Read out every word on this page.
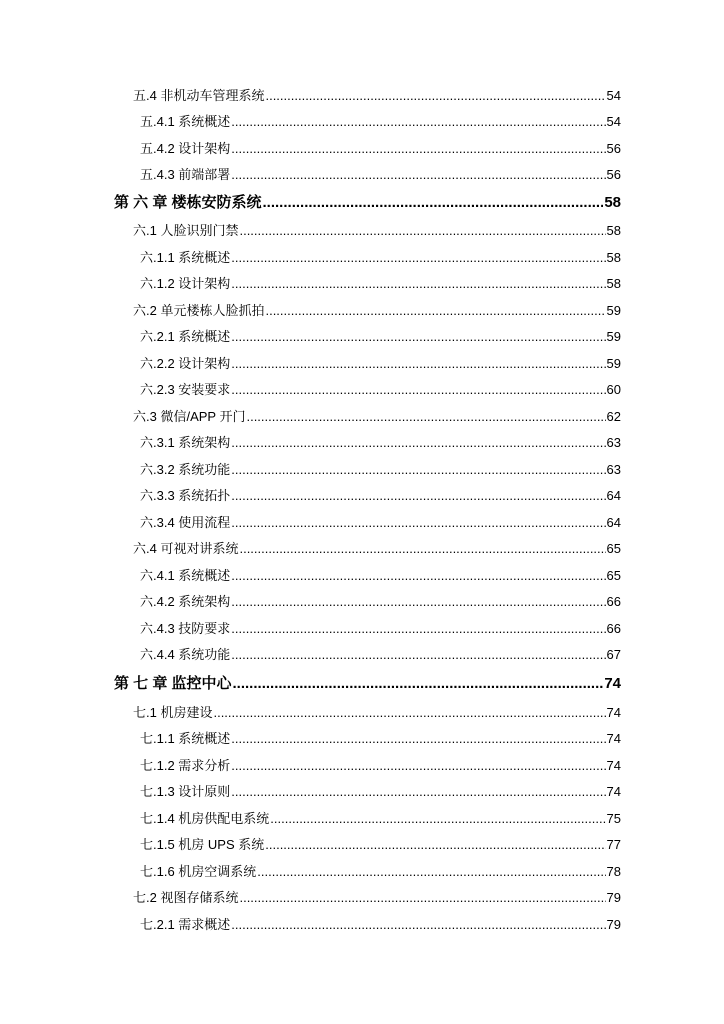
五.4 非机动车管理系统 .....	54
五.4.1 系统概述 .....	54
五.4.2 设计架构 .....	56
五.4.3 前端部署 .....	56
第 六 章 楼栋安防系统 .....	58
六.1 人脸识别门禁 .....	58
六.1.1 系统概述 .....	58
六.1.2 设计架构 .....	58
六.2 单元楼栋人脸抓拍 .....	59
六.2.1 系统概述 .....	59
六.2.2 设计架构 .....	59
六.2.3 安装要求 .....	60
六.3 微信/APP 开门 .....	62
六.3.1 系统架构 .....	63
六.3.2 系统功能 .....	63
六.3.3 系统拓扑 .....	64
六.3.4 使用流程 .....	64
六.4 可视对讲系统 .....	65
六.4.1 系统概述 .....	65
六.4.2 系统架构 .....	66
六.4.3 技防要求 .....	66
六.4.4 系统功能 .....	67
第 七 章 监控中心 .....	74
七.1 机房建设 .....	74
七.1.1 系统概述 .....	74
七.1.2 需求分析 .....	74
七.1.3 设计原则 .....	74
七.1.4 机房供配电系统 .....	75
七.1.5 机房 UPS 系统 .....	77
七.1.6 机房空调系统 .....	78
七.2 视图存储系统 .....	79
七.2.1 需求概述 .....	79
